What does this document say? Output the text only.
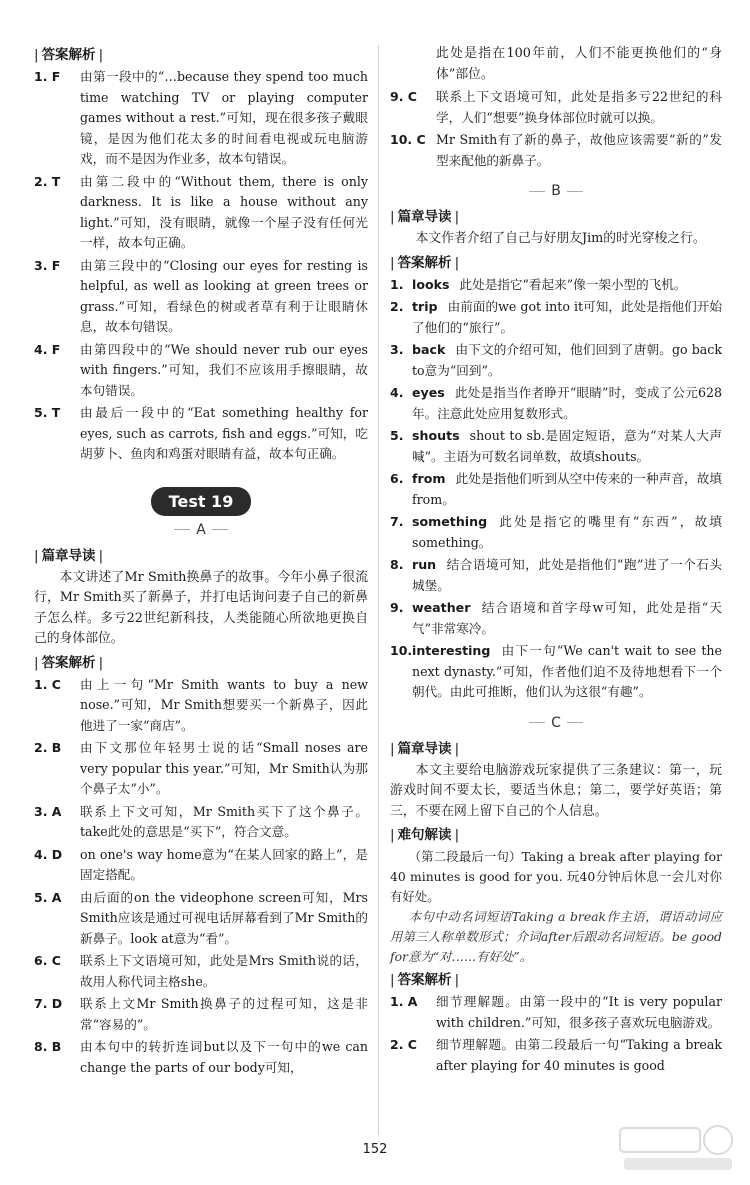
| 答案解析 |
1. F 由第一段中的“…because they spend too much time watching TV or playing computer games without a rest.”可知，现在很多孩子戴眼镜，是因为他们花太多的时间看电视或玩电脑游戏，而不是因为作业多，故本句错误。
2. T 由第二段中的“Without them, there is only darkness. It is like a house without any light.”可知，没有眼睛，就像一个屋子没有任何光一样，故本句正确。
3. F 由第三段中的“Closing our eyes for resting is helpful, as well as looking at green trees or grass.”可知，看绿色的树或者草有利于让眼睛休息，故本句错误。
4. F 由第四段中的“We should never rub our eyes with fingers.”可知，我们不应该用手擦眼睛，故本句错误。
5. T 由最后一段中的“Eat something healthy for eyes, such as carrots, fish and eggs.”可知，吃胡萝卜、鱼肉和鸡蛋对眼睛有益，故本句正确。
Test 19
A
| 篇章导读 |

本文讲述了Mr Smith换鼻子的故事。今年小鼻子很流行，Mr Smith买了新鼻子，并打电话询问妻子自己的新鼻子怎么样。多亏22世纪新科技，人类能随心所欲地更换自己的身体部位。

| 答案解析 |
1. C 由上一句“Mr Smith wants to buy a new nose.”可知，Mr Smith想要买一个新鼻子，因此他进了一家“商店”。
2. B 由下文那位年轻男士说的话“Small noses are very popular this year.”可知，Mr Smith认为那个鼻子太“小”。
3. A 联系上下文可知，Mr Smith买下了这个鼻子。take此处的意思是“买下”，符合文意。
4. D on one's way home意为“在某人回家的路上”，是固定搭配。
5. A 由后面的on the videophone screen可知，Mrs Smith应该是通过可视电话屏幕看到了Mr Smith的新鼻子。look at意为“看”。
6. C 联系上下文语境可知，此处是Mrs Smith说的话，故用人称代词主格she。
7. D 联系上文Mr Smith换鼻子的过程可知，这是非常“容易的”。
8. B 由本句中的转折连词but以及下一句中的we can change the parts of our body可知，

此处是指在100年前，人们不能更换他们的“身体”部位。

9. C 联系上下文语境可知，此处是指多亏22世纪的科学，人们“想要”换身体部位时就可以换。
10. C Mr Smith有了新的鼻子，故他应该需要“新的”发型来配他的新鼻子。
B
| 篇章导读 |

本文作者介绍了自己与好朋友Jim的时光穿梭之行。

| 答案解析 |
1. looks 此处是指它“看起来”像一架小型的飞机。
2. trip 由前面的we got into it可知，此处是指他们开始了他们的“旅行”。
3. back 由下文的介绍可知，他们回到了唐朝。go back to意为“回到”。
4. eyes 此处是指当作者睁开“眼睛”时，变成了公元628年。注意此处应用复数形式。
5. shouts shout to sb.是固定短语，意为“对某人大声喊”。主语为可数名词单数，故填shouts。
6. from 此处是指他们听到从空中传来的一种声音，故填from。
7. something 此处是指它的嘴里有“东西”，故填something。
8. run 结合语境可知，此处是指他们“跑”进了一个石头城堡。
9. weather 结合语境和首字母w可知，此处是指“天气”非常寒冷。
10. interesting 由下一句“We can't wait to see the next dynasty.”可知，作者他们迫不及待地想看下一个朝代。由此可推断，他们认为这很“有趣”。
C
| 篇章导读 |

本文主要给电脑游戏玩家提供了三条建议：第一，玩游戏时间不要太长，要适当休息；第二，要学好英语；第三，不要在网上留下自己的个人信息。

| 难句解读 |

（第二段最后一句）Taking a break after playing for 40 minutes is good for you. 玩40分钟后休息一会儿对你有好处。

本句中动名词短语Taking a break作主语，谓语动词应用第三人称单数形式；介词after后跟动名词短语。be good for意为“对……有好处”。

| 答案解析 |
1. A 细节理解题。由第一段中的“It is very popular with children.”可知，很多孩子喜欢玩电脑游戏。
2. C 细节理解题。由第二段最后一句“Taking a break after playing for 40 minutes is good
152
